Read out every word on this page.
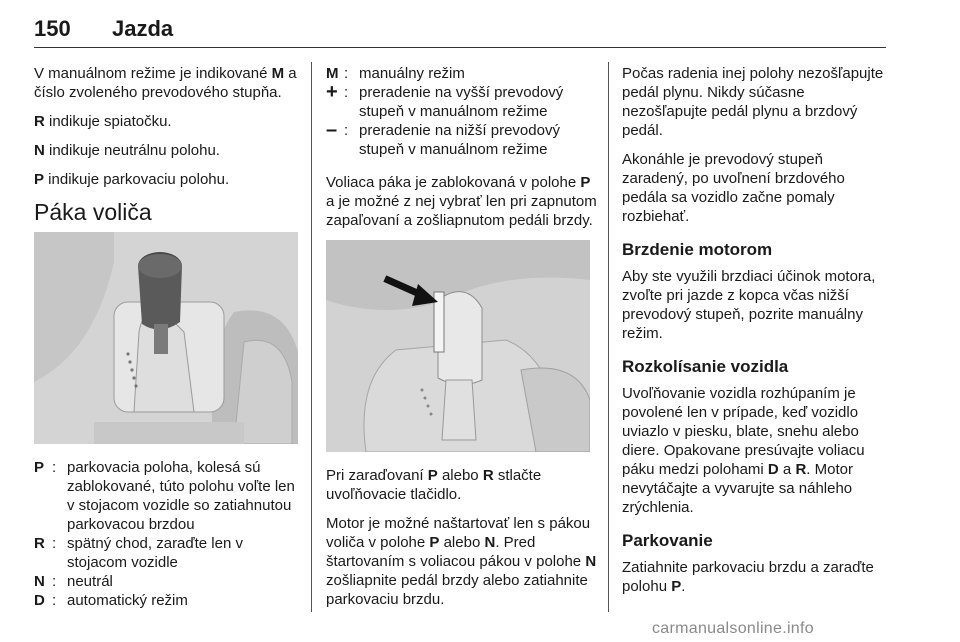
150 Jazda

V manuálnom režime je indikované M a číslo zvoleného prevodového stupňa.

R indikuje spiatočku.

N indikuje neutrálnu polohu.

P indikuje parkovaciu polohu.

Páka voliča
P : parkovacia poloha, kolesá sú zablokované, túto polohu voľte len v stojacom vozidle so zatiahnutou parkovacou brzdou
R : spätný chod, zaraďte len v stojacom vozidle
N : neutrál
D : automatický režim
M : manuálny režim
+ : preradenie na vyšší prevodový stupeň v manuálnom režime
– : preradenie na nižší prevodový stupeň v manuálnom režime

Voliaca páka je zablokovaná v polohe P a je možné z nej vybrať len pri zapnutom zapaľovaní a zošliapnutom pedáli brzdy.

Pri zaraďovaní P alebo R stlačte uvoľňovacie tlačidlo.

Motor je možné naštartovať len s pákou voliča v polohe P alebo N. Pred štartovaním s voliacou pákou v polohe N zošliapnite pedál brzdy alebo zatiahnite parkovaciu brzdu.

Počas radenia inej polohy nezošľapujte pedál plynu. Nikdy súčasne nezošľapujte pedál plynu a brzdový pedál.

Akonáhle je prevodový stupeň zaradený, po uvoľnení brzdového pedála sa vozidlo začne pomaly rozbiehať.

Brzdenie motorom

Aby ste využili brzdiaci účinok motora, zvoľte pri jazde z kopca včas nižší prevodový stupeň, pozrite manuálny režim.

Rozkolísanie vozidla

Uvoľňovanie vozidla rozhúpaním je povolené len v prípade, keď vozidlo uviazlo v piesku, blate, snehu alebo diere. Opakovane presúvajte voliacu páku medzi polohami D a R. Motor nevytáčajte a vyvarujte sa náhleho zrýchlenia.

Parkovanie

Zatiahnite parkovaciu brzdu a zaraďte polohu P.

carmanualsonline.info
